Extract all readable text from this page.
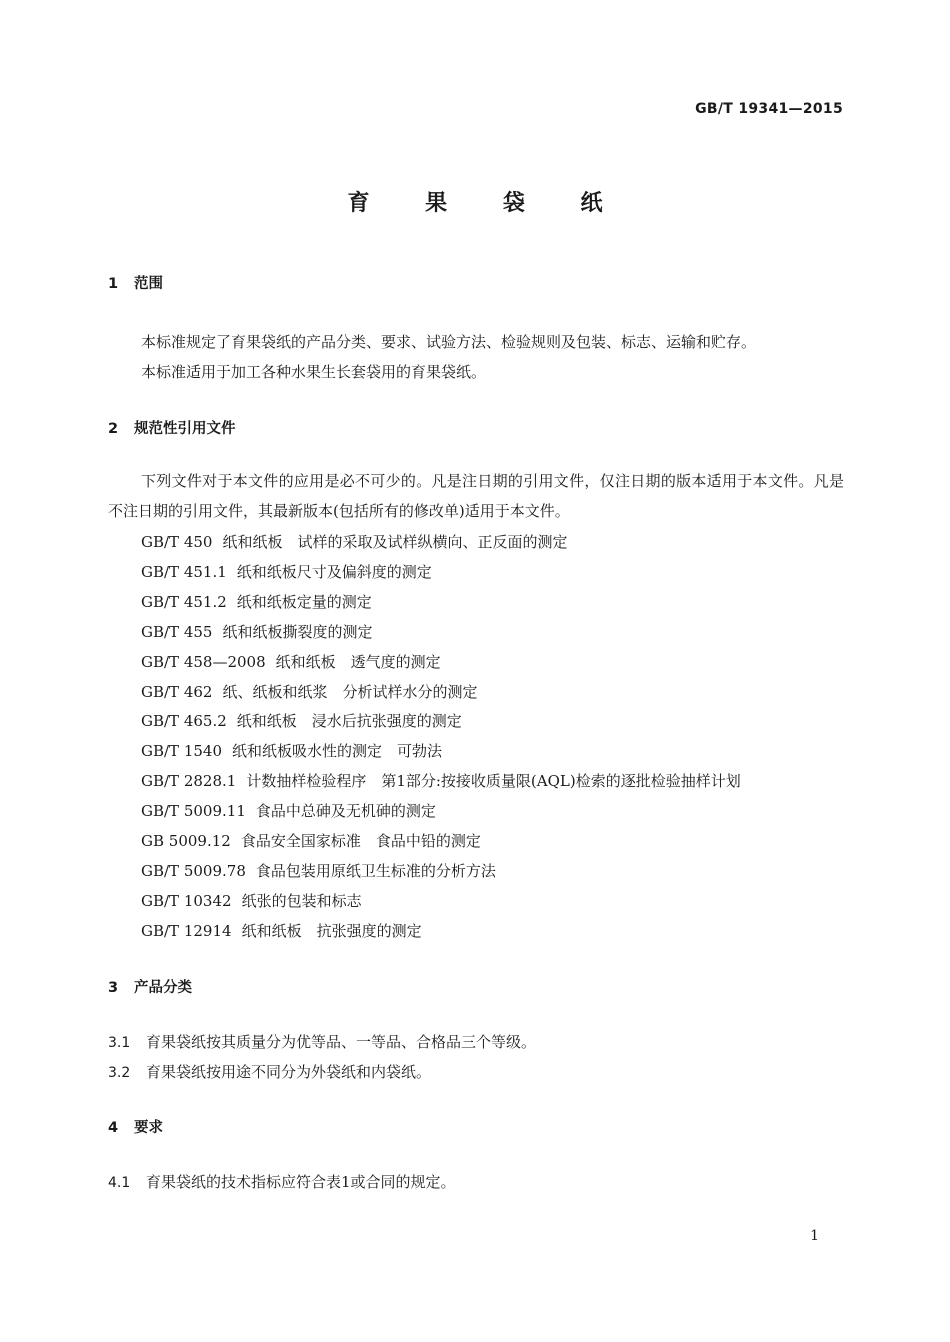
GB/T 19341—2015
育 果 袋 纸
1 范围
本标准规定了育果袋纸的产品分类、要求、试验方法、检验规则及包装、标志、运输和贮存。
本标准适用于加工各种水果生长套袋用的育果袋纸。
2 规范性引用文件
下列文件对于本文件的应用是必不可少的。凡是注日期的引用文件，仅注日期的版本适用于本文件。凡是不注日期的引用文件，其最新版本(包括所有的修改单)适用于本文件。
GB/T 450 纸和纸板　试样的采取及试样纵横向、正反面的测定
GB/T 451.1 纸和纸板尺寸及偏斜度的测定
GB/T 451.2 纸和纸板定量的测定
GB/T 455 纸和纸板撕裂度的测定
GB/T 458—2008 纸和纸板　透气度的测定
GB/T 462 纸、纸板和纸浆　分析试样水分的测定
GB/T 465.2 纸和纸板　浸水后抗张强度的测定
GB/T 1540 纸和纸板吸水性的测定　可勃法
GB/T 2828.1 计数抽样检验程序　第1部分:按接收质量限(AQL)检索的逐批检验抽样计划
GB/T 5009.11 食品中总砷及无机砷的测定
GB 5009.12 食品安全国家标准　食品中铅的测定
GB/T 5009.78 食品包装用原纸卫生标准的分析方法
GB/T 10342 纸张的包装和标志
GB/T 12914 纸和纸板　抗张强度的测定
3 产品分类
3.1 育果袋纸按其质量分为优等品、一等品、合格品三个等级。
3.2 育果袋纸按用途不同分为外袋纸和内袋纸。
4 要求
4.1 育果袋纸的技术指标应符合表1或合同的规定。
1
